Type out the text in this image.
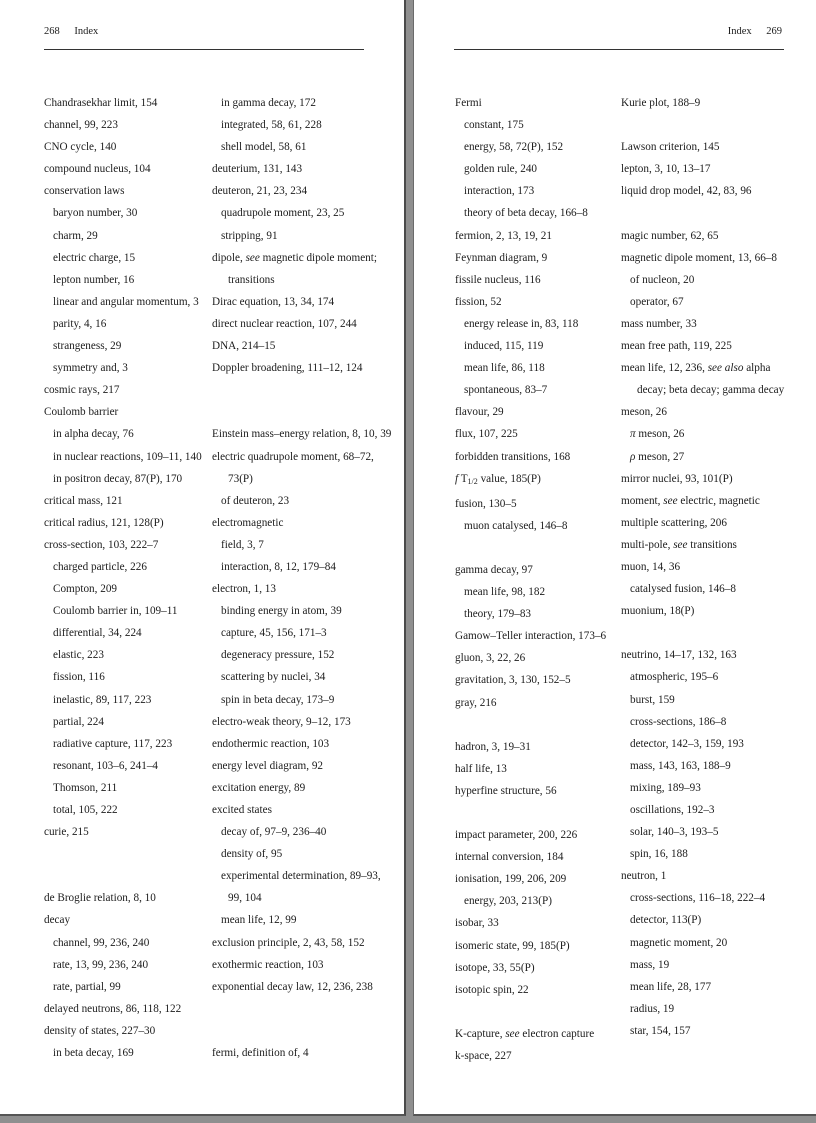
268 Index
Chandrasekhar limit, 154
channel, 99, 223
CNO cycle, 140
compound nucleus, 104
conservation laws
baryon number, 30
charm, 29
electric charge, 15
lepton number, 16
linear and angular momentum, 3
parity, 4, 16
strangeness, 29
symmetry and, 3
cosmic rays, 217
Coulomb barrier
in alpha decay, 76
in nuclear reactions, 109–11, 140
in positron decay, 87(P), 170
critical mass, 121
critical radius, 121, 128(P)
cross-section, 103, 222–7
charged particle, 226
Compton, 209
Coulomb barrier in, 109–11
differential, 34, 224
elastic, 223
fission, 116
inelastic, 89, 117, 223
partial, 224
radiative capture, 117, 223
resonant, 103–6, 241–4
Thomson, 211
total, 105, 222
curie, 215
de Broglie relation, 8, 10
decay
channel, 99, 236, 240
rate, 13, 99, 236, 240
rate, partial, 99
delayed neutrons, 86, 118, 122
density of states, 227–30
in beta decay, 169
in gamma decay, 172
integrated, 58, 61, 228
shell model, 58, 61
deuterium, 131, 143
deuteron, 21, 23, 234
quadrupole moment, 23, 25
stripping, 91
dipole, see magnetic dipole moment;
transitions
Dirac equation, 13, 34, 174
direct nuclear reaction, 107, 244
DNA, 214–15
Doppler broadening, 111–12, 124
Einstein mass–energy relation, 8, 10, 39
electric quadrupole moment, 68–72,
73(P)
of deuteron, 23
electromagnetic
field, 3, 7
interaction, 8, 12, 179–84
electron, 1, 13
binding energy in atom, 39
capture, 45, 156, 171–3
degeneracy pressure, 152
scattering by nuclei, 34
spin in beta decay, 173–9
electro-weak theory, 9–12, 173
endothermic reaction, 103
energy level diagram, 92
excitation energy, 89
excited states
decay of, 97–9, 236–40
density of, 95
experimental determination, 89–93,
99, 104
mean life, 12, 99
exclusion principle, 2, 43, 58, 152
exothermic reaction, 103
exponential decay law, 12, 236, 238
fermi, definition of, 4
Index 269
Fermi
constant, 175
energy, 58, 72(P), 152
golden rule, 240
interaction, 173
theory of beta decay, 166–8
fermion, 2, 13, 19, 21
Feynman diagram, 9
fissile nucleus, 116
fission, 52
energy release in, 83, 118
induced, 115, 119
mean life, 86, 118
spontaneous, 83–7
flavour, 29
flux, 107, 225
forbidden transitions, 168
f $T_{1/2}$ value, 185(P)
fusion, 130–5
muon catalysed, 146–8
gamma decay, 97
mean life, 98, 182
theory, 179–83
Gamow–Teller interaction, 173–6
gluon, 3, 22, 26
gravitation, 3, 130, 152–5
gray, 216
hadron, 3, 19–31
half life, 13
hyperfine structure, 56
impact parameter, 200, 226
internal conversion, 184
ionisation, 199, 206, 209
energy, 203, 213(P)
isobar, 33
isomeric state, 99, 185(P)
isotope, 33, 55(P)
isotopic spin, 22
K-capture, see electron capture
k-space, 227
Kurie plot, 188–9
Lawson criterion, 145
lepton, 3, 10, 13–17
liquid drop model, 42, 83, 96
magic number, 62, 65
magnetic dipole moment, 13, 66–8
of nucleon, 20
operator, 67
mass number, 33
mean free path, 119, 225
mean life, 12, 236, see also alpha
decay; beta decay; gamma decay
meson, 26
π meson, 26
ρ meson, 27
mirror nuclei, 93, 101(P)
moment, see electric, magnetic
multiple scattering, 206
multi-pole, see transitions
muon, 14, 36
catalysed fusion, 146–8
muonium, 18(P)
neutrino, 14–17, 132, 163
atmospheric, 195–6
burst, 159
cross-sections, 186–8
detector, 142–3, 159, 193
mass, 143, 163, 188–9
mixing, 189–93
oscillations, 192–3
solar, 140–3, 193–5
spin, 16, 188
neutron, 1
cross-sections, 116–18, 222–4
detector, 113(P)
magnetic moment, 20
mass, 19
mean life, 28, 177
radius, 19
star, 154, 157
